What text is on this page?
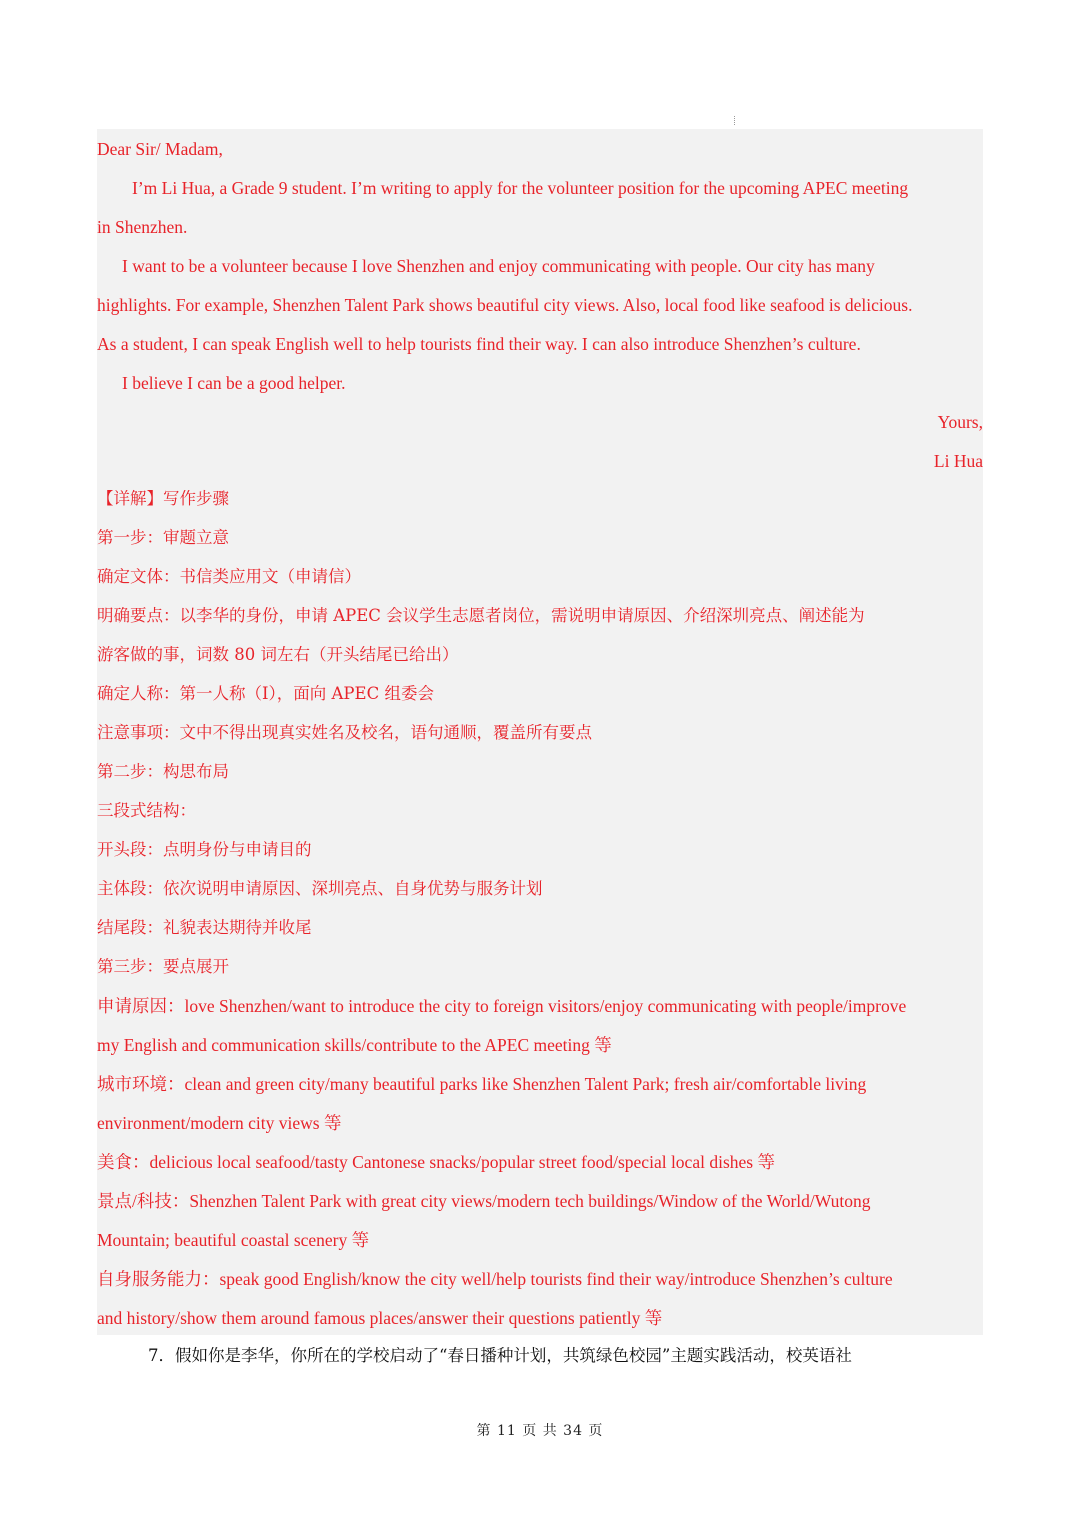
Dear Sir/ Madam,
I’m Li Hua, a Grade 9 student. I’m writing to apply for the volunteer position for the upcoming APEC meeting
in Shenzhen.
I want to be a volunteer because I love Shenzhen and enjoy communicating with people. Our city has many
highlights. For example, Shenzhen Talent Park shows beautiful city views. Also, local food like seafood is delicious.
As a student, I can speak English well to help tourists find their way. I can also introduce Shenzhen’s culture.
I believe I can be a good helper.
Yours,
Li Hua
【详解】写作步骤
第一步：审题立意
确定文体：书信类应用文（申请信）
明确要点：以李华的身份，申请 APEC 会议学生志愿者岗位，需说明申请原因、介绍深圳亮点、阐述能为
游客做的事，词数 80 词左右（开头结尾已给出）
确定人称：第一人称（I），面向 APEC 组委会
注意事项：文中不得出现真实姓名及校名，语句通顺，覆盖所有要点
第二步：构思布局
三段式结构：
开头段：点明身份与申请目的
主体段：依次说明申请原因、深圳亮点、自身优势与服务计划
结尾段：礼貌表达期待并收尾
第三步：要点展开
申请原因：love Shenzhen/want to introduce the city to foreign visitors/enjoy communicating with people/improve
my English and communication skills/contribute to the APEC meeting 等
城市环境：clean and green city/many beautiful parks like Shenzhen Talent Park; fresh air/comfortable living
environment/modern city views 等
美食：delicious local seafood/tasty Cantonese snacks/popular street food/special local dishes 等
景点/科技：Shenzhen Talent Park with great city views/modern tech buildings/Window of the World/Wutong
Mountain; beautiful coastal scenery 等
自身服务能力：speak good English/know the city well/help tourists find their way/introduce Shenzhen’s culture
and history/show them around famous places/answer their questions patiently 等
7．假如你是李华，你所在的学校启动了“春日播种计划，共筑绿色校园”主题实践活动，校英语社
第 11 页 共 34 页
